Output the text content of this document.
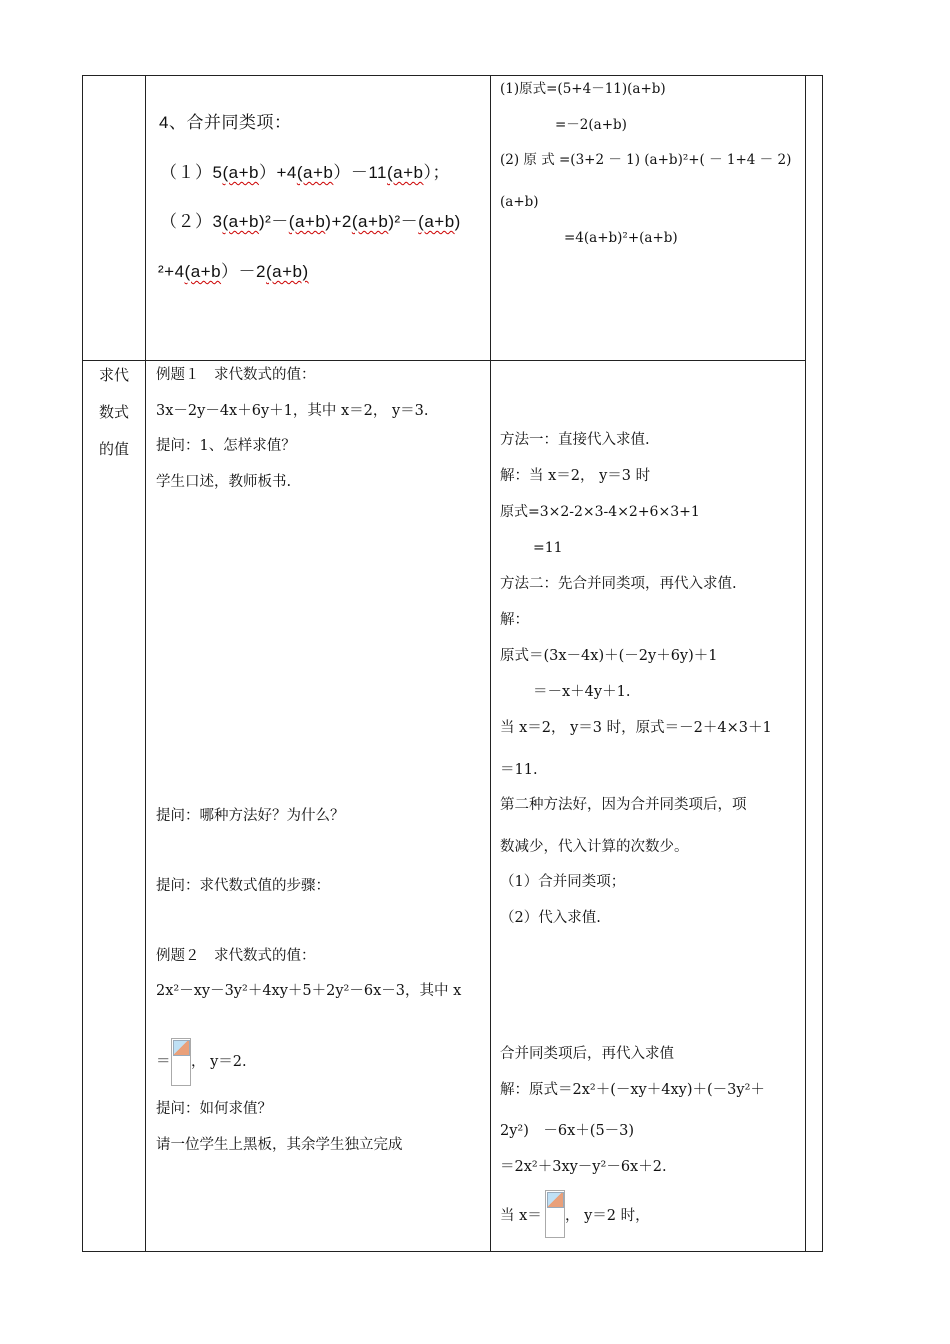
4、合并同类项：
（１）5(a+b）+4(a+b）－11(a+b）；
（２）3(a+b)²－(a+b)+2(a+b)²－(a+b)
²+4(a+b）－2(a+b)
(1)原式=(5+4－11)(a+b)
=－2(a+b)
(2) 原 式 =(3+2 － 1) (a+b)²+( － 1+4 － 2)
(a+b)
=4(a+b)²+(a+b)
求代
数式
的值
例题１　求代数式的值：
3x－2y－4x＋6y＋1，其中 x＝2， y＝3.
提问：1、怎样求值？
学生口述，教师板书.
提问：哪种方法好？为什么？
提问：求代数式值的步骤：
例题２　求代数式的值：
2x²－xy－3y²＋4xy＋5＋2y²－6x－3，其中 x
＝ ， y＝2.
提问：如何求值？
请一位学生上黑板，其余学生独立完成
方法一：直接代入求值.
解：当 x＝2， y＝3 时
原式=3×2-2×3-4×2+6×3+1
=11
方法二：先合并同类项，再代入求值.
解：
原式＝(3x－4x)＋(－2y＋6y)＋1
＝－x＋4y＋1.
当 x＝2， y＝3 时，原式＝－2＋4×3＋1
＝11.
第二种方法好，因为合并同类项后，项
数减少，代入计算的次数少。
（1）合并同类项；
（2）代入求值.
合并同类项后，再代入求值
解：原式＝2x²＋(－xy＋4xy)＋(－3y²＋
2y²)　－6x＋(5－3)
＝2x²＋3xy－y²－6x＋2.
当 x＝ ， y＝2 时，
